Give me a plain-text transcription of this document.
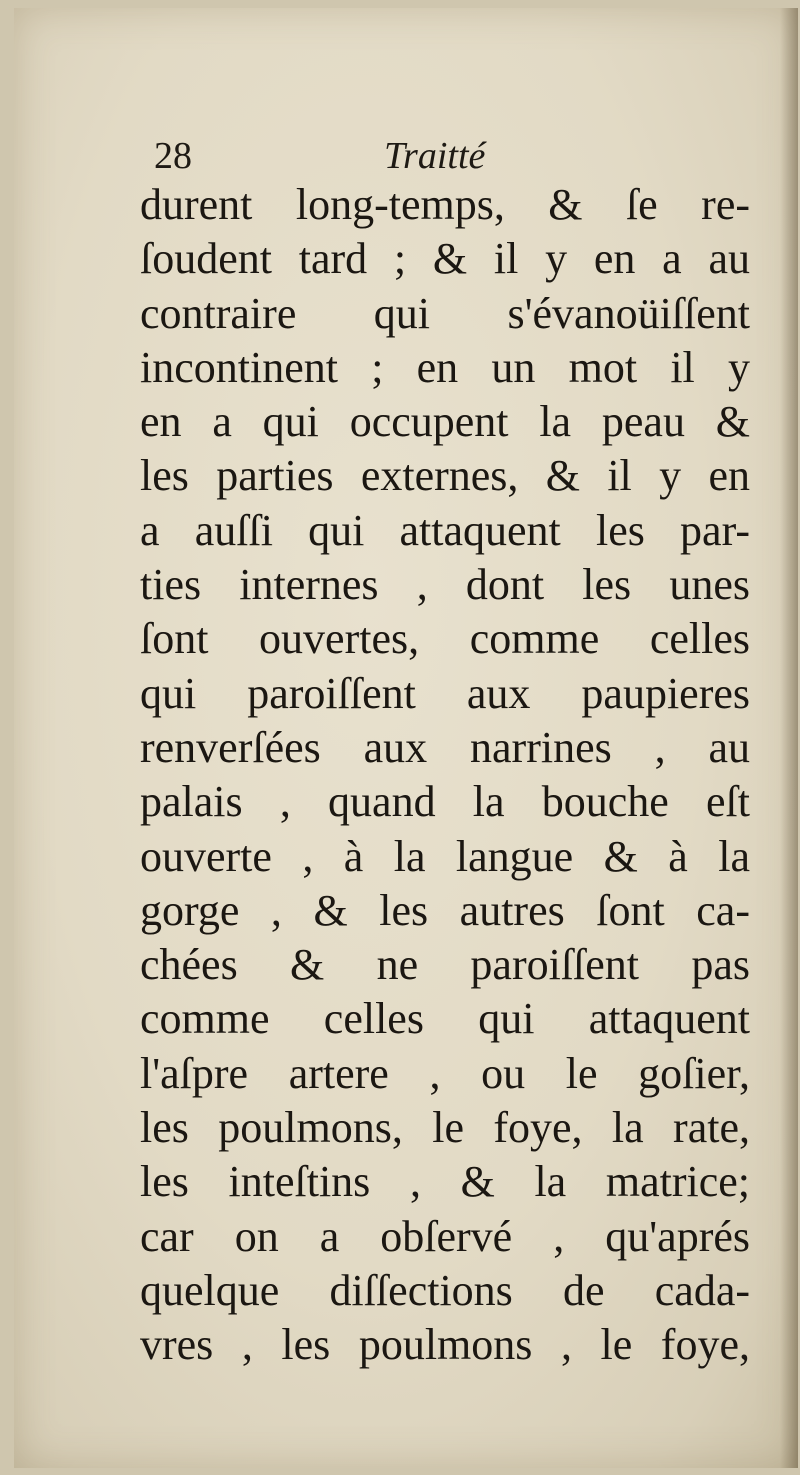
28	Traitté
durent long-temps, & ſe re-
ſoudent tard ; & il y en a au
contraire qui s'évanoüiſſent
incontinent ; en un mot il y
en a qui occupent la peau &
les parties externes, & il y en
a auſſi qui attaquent les par-
ties internes , dont les unes
ſont ouvertes, comme celles
qui paroiſſent aux paupieres
renverſées aux narrines , au
palais , quand la bouche eſt
ouverte , à la langue & à la
gorge , & les autres ſont ca-
chées & ne paroiſſent pas
comme celles qui attaquent
l'aſpre artere , ou le goſier,
les poulmons, le foye, la rate,
les inteſtins , & la matrice;
car on a obſervé , qu'aprés
quelque diſſections de cada-
vres , les poulmons , le foye,
